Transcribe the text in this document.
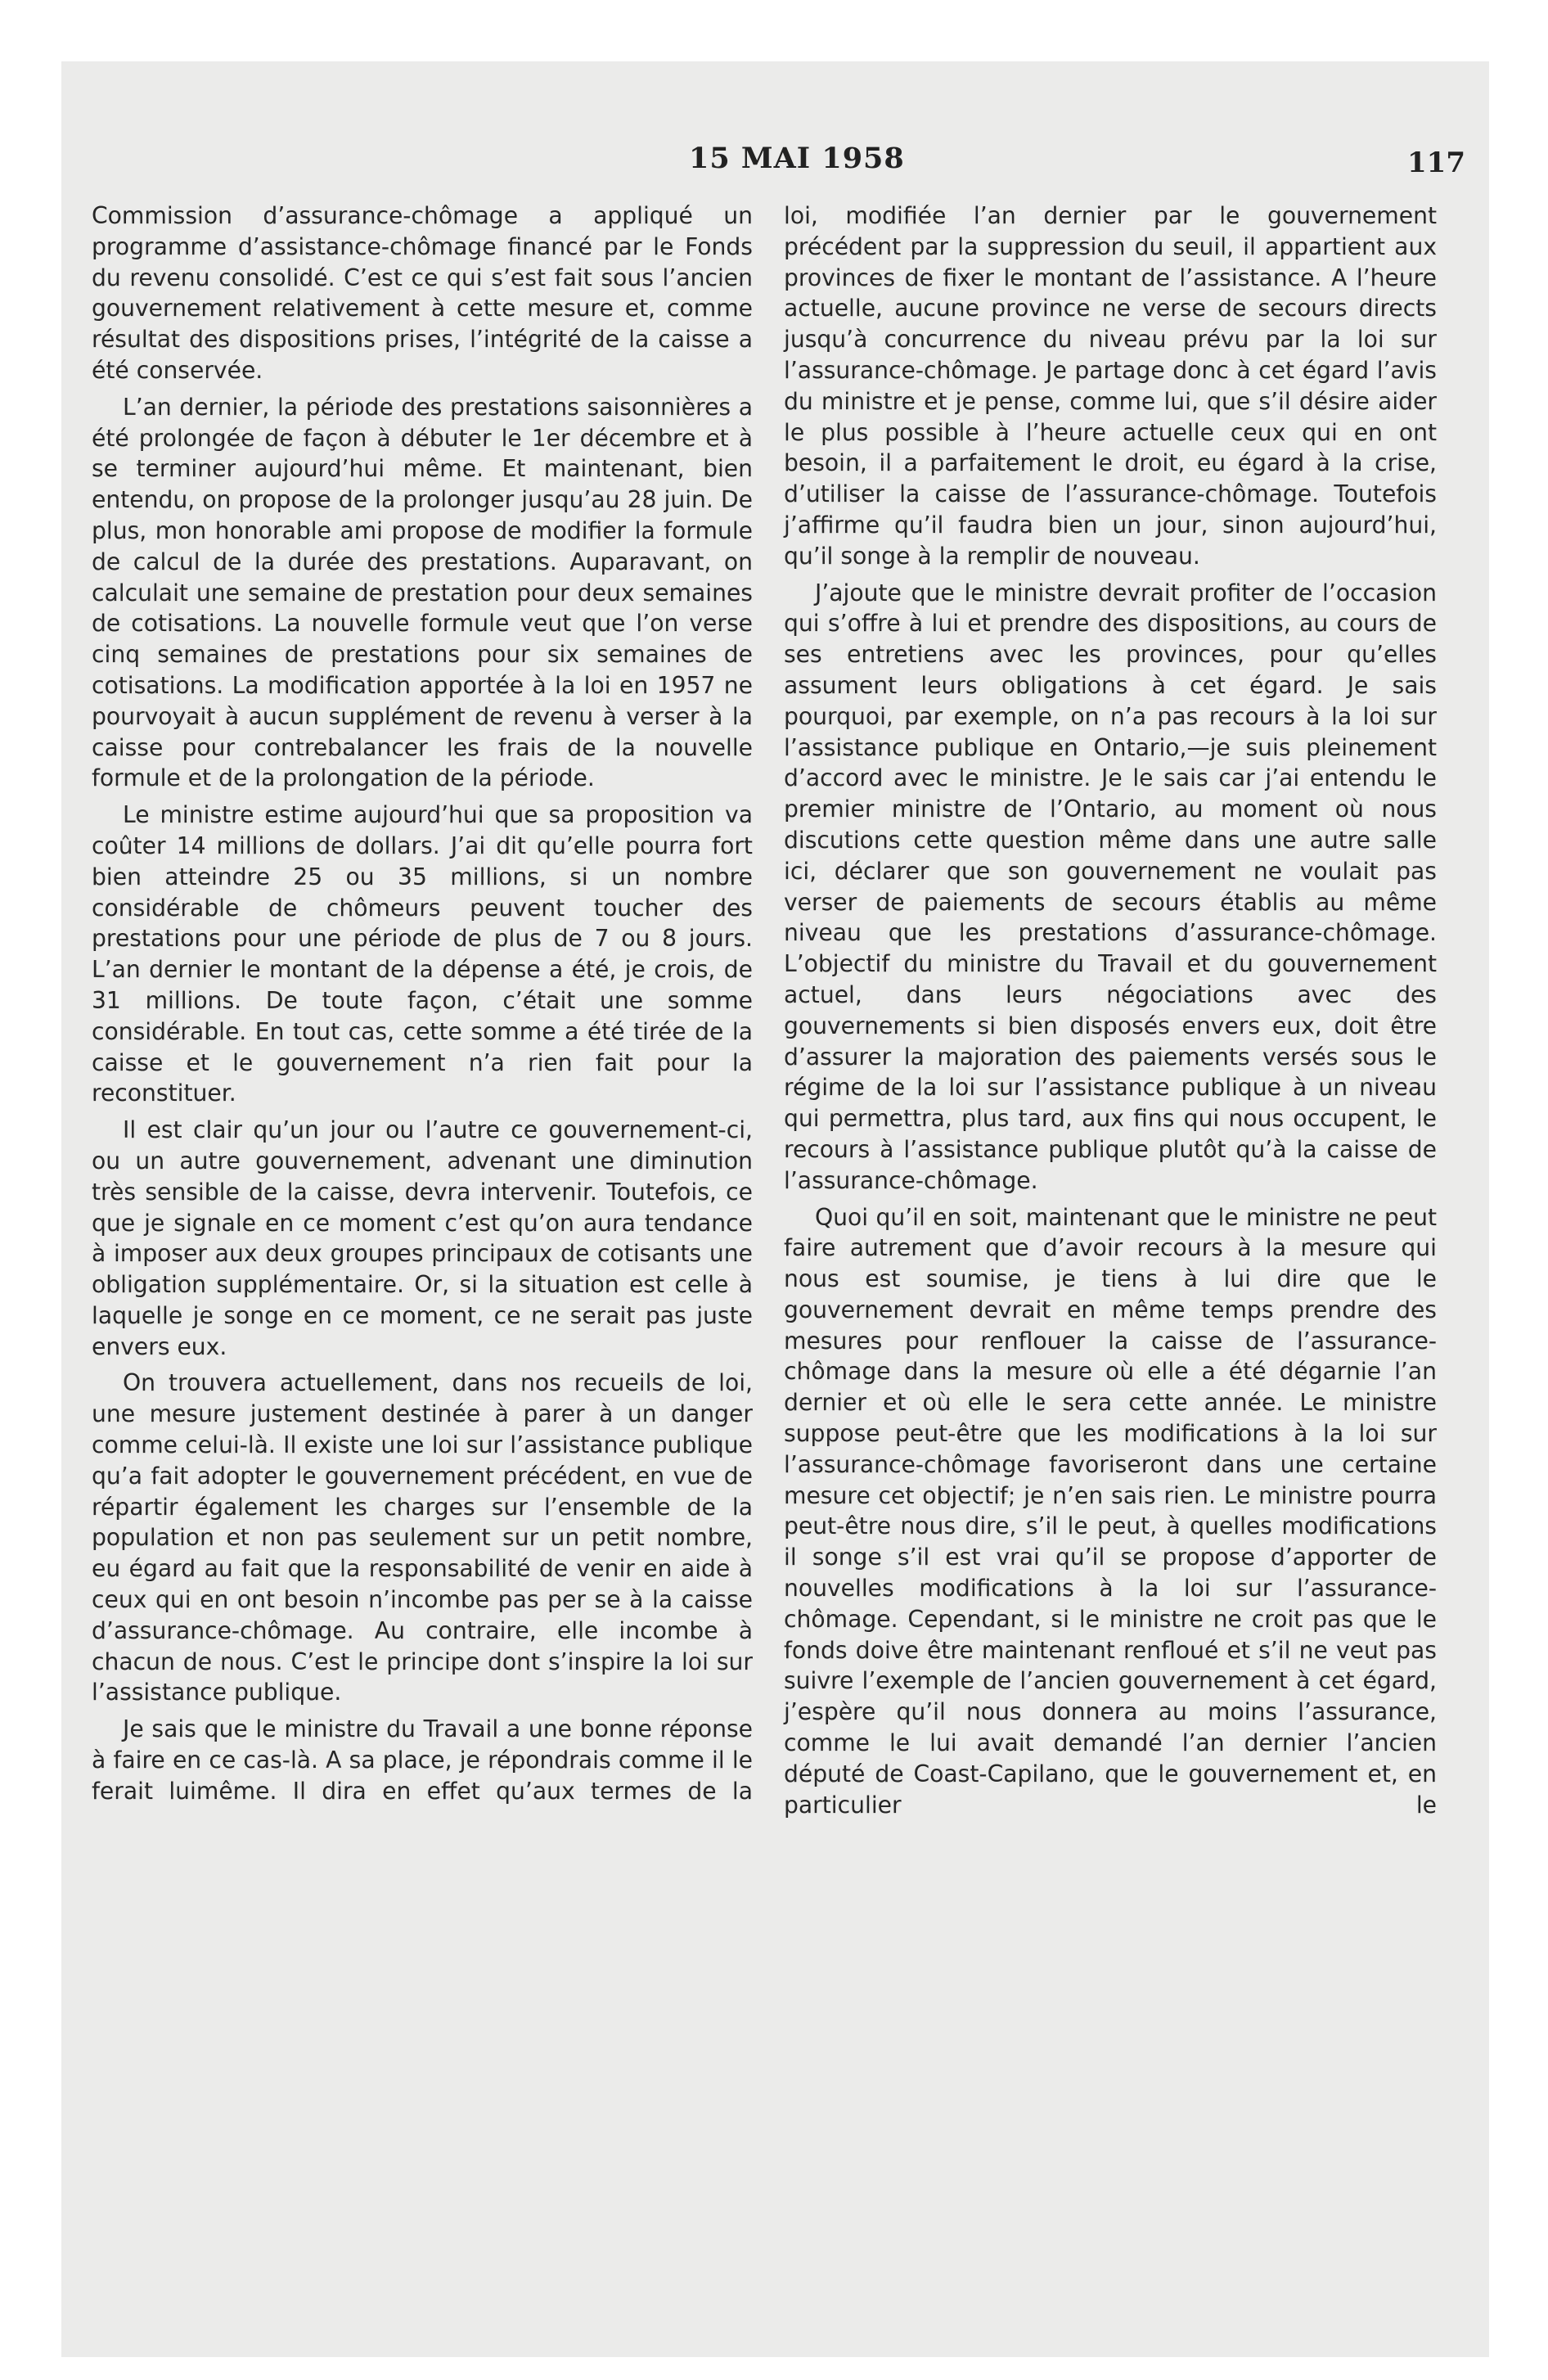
15 MAI 1958	117

Commission d’assurance-chômage a appliqué un programme d’assistance-chômage financé par le Fonds du revenu consolidé. C’est ce qui s’est fait sous l’ancien gouvernement relativement à cette mesure et, comme résultat des dispositions prises, l’intégrité de la caisse a été conservée.

L’an dernier, la période des prestations saisonnières a été prolongée de façon à débuter le 1er décembre et à se terminer aujourd’hui même. Et maintenant, bien entendu, on propose de la prolonger jusqu’au 28 juin. De plus, mon honorable ami propose de modifier la formule de calcul de la durée des prestations. Auparavant, on calculait une semaine de prestation pour deux semaines de cotisations. La nouvelle formule veut que l’on verse cinq semaines de prestations pour six semaines de cotisations. La modification apportée à la loi en 1957 ne pourvoyait à aucun supplément de revenu à verser à la caisse pour contrebalancer les frais de la nouvelle formule et de la prolongation de la période.

Le ministre estime aujourd’hui que sa proposition va coûter 14 millions de dollars. J’ai dit qu’elle pourra fort bien atteindre 25 ou 35 millions, si un nombre considérable de chômeurs peuvent toucher des prestations pour une période de plus de 7 ou 8 jours. L’an dernier le montant de la dépense a été, je crois, de 31 millions. De toute façon, c’était une somme considérable. En tout cas, cette somme a été tirée de la caisse et le gouvernement n’a rien fait pour la reconstituer.

Il est clair qu’un jour ou l’autre ce gouvernement-ci, ou un autre gouvernement, advenant une diminution très sensible de la caisse, devra intervenir. Toutefois, ce que je signale en ce moment c’est qu’on aura tendance à imposer aux deux groupes principaux de cotisants une obligation supplémentaire. Or, si la situation est celle à laquelle je songe en ce moment, ce ne serait pas juste envers eux.

On trouvera actuellement, dans nos recueils de loi, une mesure justement destinée à parer à un danger comme celui-là. Il existe une loi sur l’assistance publique qu’a fait adopter le gouvernement précédent, en vue de répartir également les charges sur l’ensemble de la population et non pas seulement sur un petit nombre, eu égard au fait que la responsabilité de venir en aide à ceux qui en ont besoin n’incombe pas per se à la caisse d’assurance-chômage. Au contraire, elle incombe à chacun de nous. C’est le principe dont s’inspire la loi sur l’assistance publique.

Je sais que le ministre du Travail a une bonne réponse à faire en ce cas-là. A sa place, je répondrais comme il le ferait luimême. Il dira en effet qu’aux termes de la

loi, modifiée l’an dernier par le gouvernement précédent par la suppression du seuil, il appartient aux provinces de fixer le montant de l’assistance. A l’heure actuelle, aucune province ne verse de secours directs jusqu’à concurrence du niveau prévu par la loi sur l’assurance-chômage. Je partage donc à cet égard l’avis du ministre et je pense, comme lui, que s’il désire aider le plus possible à l’heure actuelle ceux qui en ont besoin, il a parfaitement le droit, eu égard à la crise, d’utiliser la caisse de l’assurance-chômage. Toutefois j’affirme qu’il faudra bien un jour, sinon aujourd’hui, qu’il songe à la remplir de nouveau.

J’ajoute que le ministre devrait profiter de l’occasion qui s’offre à lui et prendre des dispositions, au cours de ses entretiens avec les provinces, pour qu’elles assument leurs obligations à cet égard. Je sais pourquoi, par exemple, on n’a pas recours à la loi sur l’assistance publique en Ontario,—je suis pleinement d’accord avec le ministre. Je le sais car j’ai entendu le premier ministre de l’Ontario, au moment où nous discutions cette question même dans une autre salle ici, déclarer que son gouvernement ne voulait pas verser de paiements de secours établis au même niveau que les prestations d’assurance-chômage. L’objectif du ministre du Travail et du gouvernement actuel, dans leurs négociations avec des gouvernements si bien disposés envers eux, doit être d’assurer la majoration des paiements versés sous le régime de la loi sur l’assistance publique à un niveau qui permettra, plus tard, aux fins qui nous occupent, le recours à l’assistance publique plutôt qu’à la caisse de l’assurance-chômage.

Quoi qu’il en soit, maintenant que le ministre ne peut faire autrement que d’avoir recours à la mesure qui nous est soumise, je tiens à lui dire que le gouvernement devrait en même temps prendre des mesures pour renflouer la caisse de l’assurance-chômage dans la mesure où elle a été dégarnie l’an dernier et où elle le sera cette année. Le ministre suppose peut-être que les modifications à la loi sur l’assurance-chômage favoriseront dans une certaine mesure cet objectif; je n’en sais rien. Le ministre pourra peut-être nous dire, s’il le peut, à quelles modifications il songe s’il est vrai qu’il se propose d’apporter de nouvelles modifications à la loi sur l’assurance-chômage. Cependant, si le ministre ne croit pas que le fonds doive être maintenant renfloué et s’il ne veut pas suivre l’exemple de l’ancien gouvernement à cet égard, j’espère qu’il nous donnera au moins l’assurance, comme le lui avait demandé l’an dernier l’ancien député de Coast-Capilano, que le gouvernement et, en particulier le
